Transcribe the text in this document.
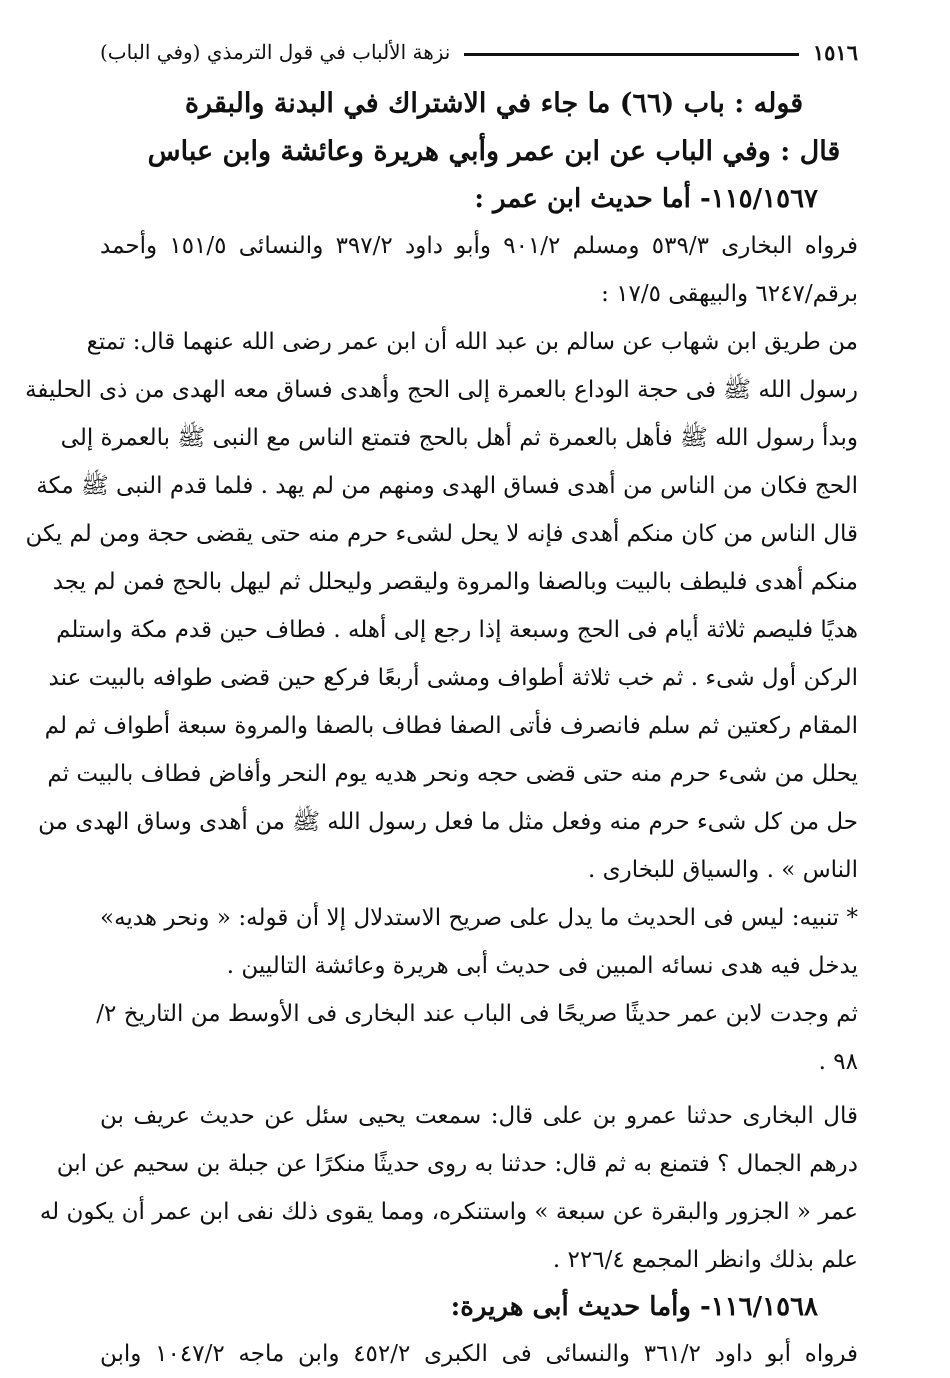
١٥١٦
نزهة الألباب في قول الترمذي (وفي الباب)
قوله : باب (٦٦) ما جاء في الاشتراك في البدنة والبقرة
قال : وفي الباب عن ابن عمر وأبي هريرة وعائشة وابن عباس
١١٥/١٥٦٧- أما حديث ابن عمر :
فرواه البخارى ٥٣٩/٣ ومسلم ٩٠١/٢ وأبو داود ٣٩٧/٢ والنسائى ١٥١/٥ وأحمد
برقم/٦٢٤٧ والبيهقى ١٧/٥ :
من طريق ابن شهاب عن سالم بن عبد الله أن ابن عمر رضى الله عنهما قال: تمتع
رسول الله ﷺ فى حجة الوداع بالعمرة إلى الحج وأهدى فساق معه الهدى من ذى الحليفة
وبدأ رسول الله ﷺ فأهل بالعمرة ثم أهل بالحج فتمتع الناس مع النبى ﷺ بالعمرة إلى
الحج فكان من الناس من أهدى فساق الهدى ومنهم من لم يهد . فلما قدم النبى ﷺ مكة
قال الناس من كان منكم أهدى فإنه لا يحل لشىء حرم منه حتى يقضى حجة ومن لم يكن
منكم أهدى فليطف بالبيت وبالصفا والمروة وليقصر وليحلل ثم ليهل بالحج فمن لم يجد
هديًا فليصم ثلاثة أيام فى الحج وسبعة إذا رجع إلى أهله . فطاف حين قدم مكة واستلم
الركن أول شىء . ثم خب ثلاثة أطواف ومشى أربعًا فركع حين قضى طوافه بالبيت عند
المقام ركعتين ثم سلم فانصرف فأتى الصفا فطاف بالصفا والمروة سبعة أطواف ثم لم
يحلل من شىء حرم منه حتى قضى حجه ونحر هديه يوم النحر وأفاض فطاف بالبيت ثم
حل من كل شىء حرم منه وفعل مثل ما فعل رسول الله ﷺ من أهدى وساق الهدى من
الناس » . والسياق للبخارى .
* تنبيه: ليس فى الحديث ما يدل على صريح الاستدلال إلا أن قوله: « ونحر هديه»
يدخل فيه هدى نسائه المبين فى حديث أبى هريرة وعائشة التاليين .
ثم وجدت لابن عمر حديثًا صريحًا فى الباب عند البخارى فى الأوسط من التاريخ ٢/
٩٨ .
قال البخارى حدثنا عمرو بن على قال: سمعت يحيى سئل عن حديث عريف بن
درهم الجمال ؟ فتمنع به ثم قال: حدثنا به روى حديثًا منكرًا عن جبلة بن سحيم عن ابن
عمر « الجزور والبقرة عن سبعة » واستنكره، ومما يقوى ذلك نفى ابن عمر أن يكون له
علم بذلك وانظر المجمع ٢٢٦/٤ .
١١٦/١٥٦٨- وأما حديث أبى هريرة:
فرواه أبو داود ٣٦١/٢ والنسائى فى الكبرى ٤٥٢/٢ وابن ماجه ١٠٤٧/٢ وابن
